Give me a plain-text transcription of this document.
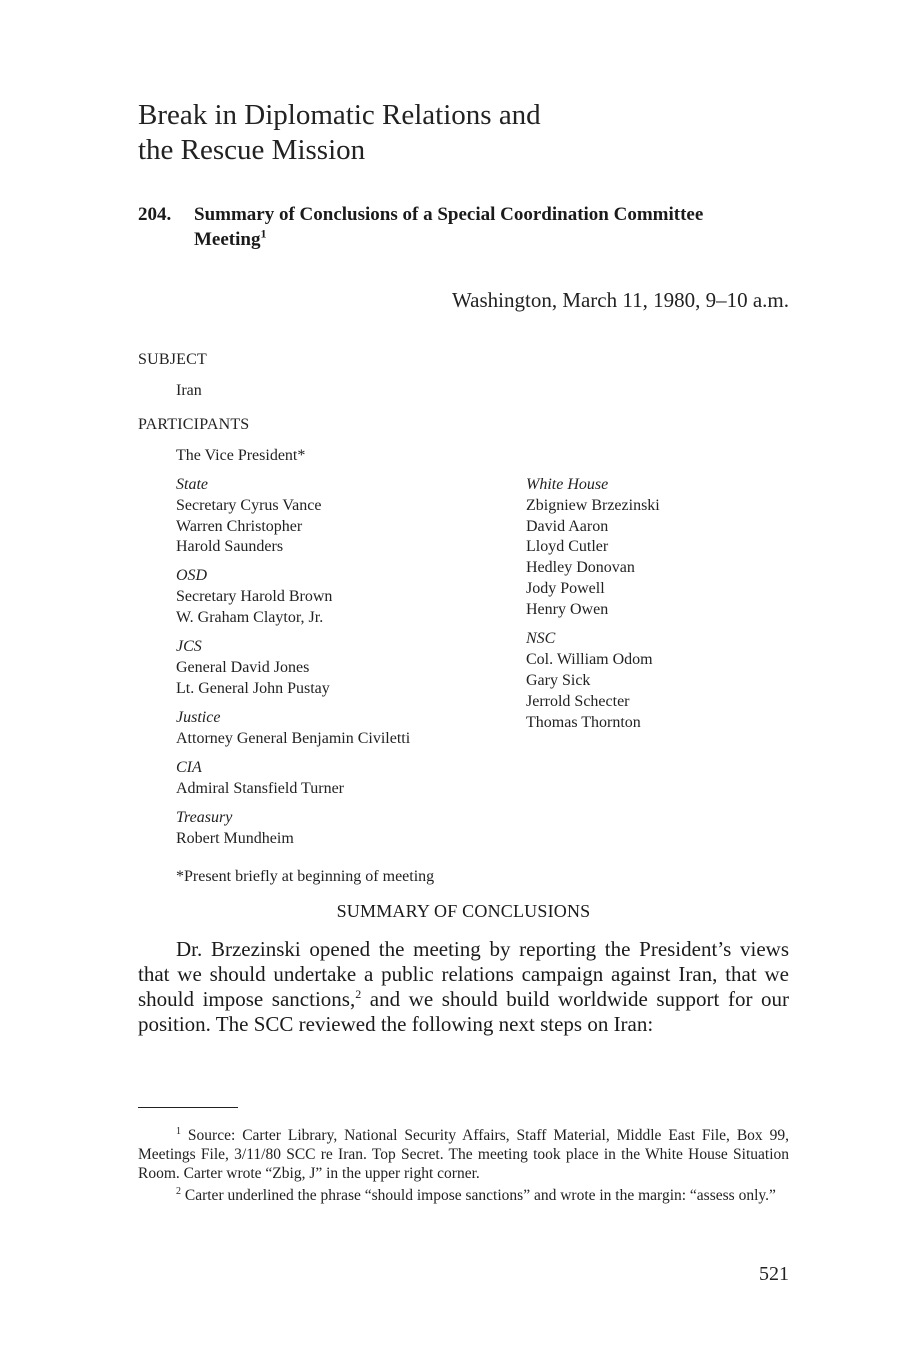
Break in Diplomatic Relations and
the Rescue Mission
204. Summary of Conclusions of a Special Coordination Committee Meeting$^1$
Washington, March 11, 1980, 9–10 a.m.
SUBJECT
Iran
PARTICIPANTS
The Vice President*
State
Secretary Cyrus Vance
Warren Christopher
Harold Saunders
OSD
Secretary Harold Brown
W. Graham Claytor, Jr.
JCS
General David Jones
Lt. General John Pustay
Justice
Attorney General Benjamin Civiletti
CIA
Admiral Stansfield Turner
Treasury
Robert Mundheim
White House
Zbigniew Brzezinski
David Aaron
Lloyd Cutler
Hedley Donovan
Jody Powell
Henry Owen
NSC
Col. William Odom
Gary Sick
Jerrold Schecter
Thomas Thornton
*Present briefly at beginning of meeting
SUMMARY OF CONCLUSIONS
Dr. Brzezinski opened the meeting by reporting the President’s views that we should undertake a public relations campaign against Iran, that we should impose sanctions,$^2$ and we should build worldwide support for our position. The SCC reviewed the following next steps on Iran:
$^1$ Source: Carter Library, National Security Affairs, Staff Material, Middle East File, Box 99, Meetings File, 3/11/80 SCC re Iran. Top Secret. The meeting took place in the White House Situation Room. Carter wrote “Zbig, J” in the upper right corner.
$^2$ Carter underlined the phrase “should impose sanctions” and wrote in the margin: “assess only.”
521
